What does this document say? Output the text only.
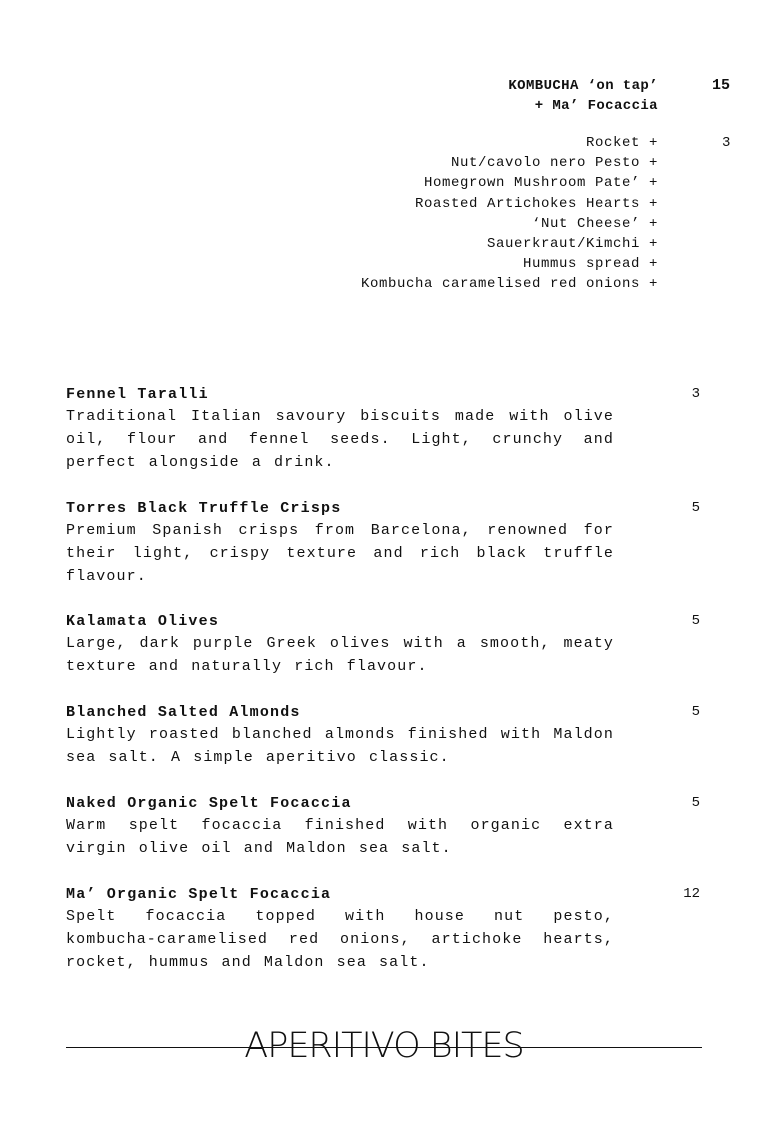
KOMBUCHA ‘on tap’
+ Ma’ Focaccia
15
Rocket +
Nut/cavolo nero Pesto +
Homegrown Mushroom Pate’ +
Roasted Artichokes Hearts +
‘Nut Cheese’ +
Sauerkraut/Kimchi +
Hummus spread +
Kombucha caramelised red onions +
3
Fennel Taralli	3
Traditional Italian savoury biscuits made with olive oil, flour and fennel seeds. Light, crunchy and perfect alongside a drink.
Torres Black Truffle Crisps	5
Premium Spanish crisps from Barcelona, renowned for their light, crispy texture and rich black truffle flavour.
Kalamata Olives	5
Large, dark purple Greek olives with a smooth, meaty texture and naturally rich flavour.
Blanched Salted Almonds	5
Lightly roasted blanched almonds finished with Maldon sea salt. A simple aperitivo classic.
Naked Organic Spelt Focaccia	5
Warm spelt focaccia finished with organic extra virgin olive oil and Maldon sea salt.
Ma’ Organic Spelt Focaccia	12
Spelt focaccia topped with house nut pesto, kombucha-caramelised red onions, artichoke hearts, rocket, hummus and Maldon sea salt.
APERITIVO BITES
